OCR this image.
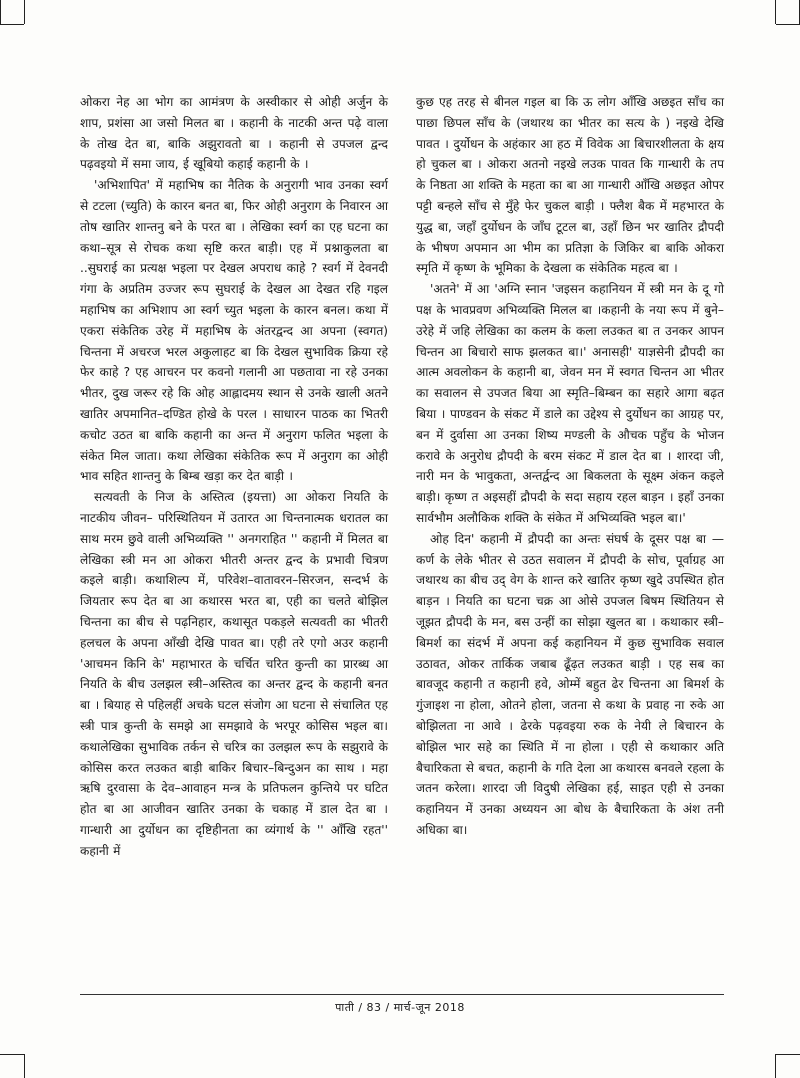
ओकरा नेह आ भोग का आमंत्रण के अस्वीकार से ओही अर्जुन के शाप, प्रशंसा आ जसो मिलत बा । कहानी के नाटकी अन्त पढ़े वाला के तोख देत बा, बाकि अझुरावतो बा । कहानी से उपजल द्वन्द पढ़वइयो में समा जाय, ई खूबियो कहाई कहानी के ।

'अभिशापित' में महाभिष का नैतिक के अनुरागी भाव उनका स्वर्ग से टटला (च्युति) के कारन बनत बा, फिर ओही अनुराग के निवारन आ तोष खातिर शान्तनु बने के परत बा । लेखिका स्वर्ग का एह घटना का कथा–सूत्र से रोचक कथा सृष्टि करत बाड़ी। एह में प्रश्नाकुलता बा ..सुघराई का प्रत्यक्ष भइला पर देखल अपराध काहे ? स्वर्ग में देवनदी गंगा के अप्रतिम उज्जर रूप सुघराई के देखल आ देखत रहि गइल महाभिष का अभिशाप आ स्वर्ग च्युत भइला के कारन बनल। कथा में एकरा संकेतिक उरेह में महाभिष के अंतरद्वन्द आ अपना (स्वगत) चिन्तना में अचरज भरल अकुलाहट बा कि देखल सुभाविक क्रिया रहे फेर काहे ? एह आचरन पर कवनो गलानी आ पछतावा ना रहे उनका भीतर, दुख जरूर रहे कि ओह आह्लादमय स्थान से उनके खाली अतने खातिर अपमानित–दण्डित होखे के परल । साधारन पाठक का भितरी कचोट उठत बा बाकि कहानी का अन्त में अनुराग फलित भइला के संकेत मिल जाता। कथा लेखिका संकेतिक रूप में अनुराग का ओही भाव सहित शान्तनु के बिम्ब खड़ा कर देत बाड़ी ।

सत्यवती के निज के अस्तित्व (इयत्ता) आ ओकरा नियति के नाटकीय जीवन– परिस्थितियन में उतारत आ चिन्तनात्मक धरातल का साथ मरम छुवे वाली अभिव्यक्ति '' अनगराहित '' कहानी में मिलत बा लेखिका स्त्री मन आ ओकरा भीतरी अन्तर द्वन्द के प्रभावी चित्रण कइले बाड़ी। कथाशिल्प में, परिवेश–वातावरन–सिरजन, सन्दर्भ के जियतार रूप देत बा आ कथारस भरत बा, एही का चलते बोझिल चिन्तना का बीच से पढ़निहार, कथासूत पकड़ले सत्यवती का भीतरी हलचल के अपना आँखी देखि पावत बा। एही तरे एगो अउर कहानी 'आचमन किनि के' महाभारत के चर्चित चरित कुन्ती का प्रारब्ध आ नियति के बीच उलझल स्त्री–अस्तित्व का अन्तर द्वन्द के कहानी बनत बा । बियाह से पहिलहीं अचके घटल संजोग आ घटना से संचालित एह स्त्री पात्र कुन्ती के समझे आ समझावे के भरपूर कोसिस भइल बा। कथालेखिका सुभाविक तर्कन से चरित्र का उलझल रूप के सझुरावे के कोसिस करत लउकत बाड़ी बाकिर बिचार–बिन्दुअन का साथ । महा ऋषि दुरवासा के देव–आवाहन मन्त्र के प्रतिफलन कुन्तिये पर घटित होत बा आ आजीवन खातिर उनका के चकाह में डाल देत बा । गान्धारी आ दुर्योधन का दृष्टिहीनता का व्यंगार्थ के '' आँखि रहत'' कहानी में

कुछ एह तरह से बीनल गइल बा कि ऊ लोग आँखि अछइत साँच का पाछा छिपल साँच के (जथारथ का भीतर का सत्य के ) नइखे देखि पावत । दुर्योधन के अहंकार आ हठ में विवेक आ बिचारशीलता के क्षय हो चुकल बा । ओकरा अतनो नइखे लउक पावत कि गान्धारी के तप के निष्ठता आ शक्ति के महता का बा आ गान्धारी आँखि अछइत ओपर पट्टी बन्हले साँच से मुँहे फेर चुकल बाड़ी । फ्लैश बैक में महभारत के युद्ध बा, जहाँ दुर्योधन के जाँघ टूटल बा, उहाँ छिन भर खातिर द्रौपदी के भीषण अपमान आ भीम का प्रतिज्ञा के जिकिर बा बाकि ओकरा स्मृति में कृष्ण के भूमिका के देखला क संकेतिक महत्व बा ।

'अतने' में आ 'अग्नि स्नान 'जइसन कहानियन में स्त्री मन के दू गो पक्ष के भावप्रवण अभिव्यक्ति मिलल बा ।कहानी के नया रूप में बुने–उरेहे में जहि लेखिका का कलम के कला लउकत बा त उनकर आपन चिन्तन आ बिचारो साफ झलकत बा।' अनासही' याज्ञसेनी द्रौपदी का आत्म अवलोकन के कहानी बा, जेवन मन में स्वगत चिन्तन आ भीतर का सवालन से उपजत बिया आ स्मृति–बिम्बन का सहारे आगा बढ़त बिया । पाण्डवन के संकट में डाले का उद्देश्य से दुर्योधन का आग्रह पर, बन में दुर्वासा आ उनका शिष्य मण्डली के औचक पहुँच के भोजन करावे के अनुरोध द्रौपदी के बरम संकट में डाल देत बा । शारदा जी, नारी मन के भावुकता, अन्तर्द्वन्द आ बिकलता के सूक्ष्म अंकन कइले बाड़ी। कृष्ण त अइसहीं द्रौपदी के सदा सहाय रहल बाड़न । इहाँ उनका सार्वभौम अलौकिक शक्ति के संकेत में अभिव्यक्ति भइल बा।'

ओह दिन' कहानी में द्रौपदी का अन्तः संघर्ष के दूसर पक्ष बा —कर्ण के लेके भीतर से उठत सवालन में द्रौपदी के सोच, पूर्वाग्रह आ जथारथ का बीच उद् वेग के शान्त करे खातिर कृष्ण खुदे उपस्थित होत बाड़न । नियति का घटना चक्र आ ओसे उपजल बिषम स्थितियन से जूझत द्रौपदी के मन, बस उन्हीं का सोझा खुलत बा । कथाकार स्त्री–बिमर्श का संदर्भ में अपना कई कहानियन में कुछ सुभाविक सवाल उठावत, ओकर तार्किक जबाब ढूँढ़त लउकत बाड़ी । एह सब का बावजूद कहानी त कहानी हवे, ओम्में बहुत ढेर चिन्तना आ बिमर्श के गुंजाइश ना होला, ओतने होला, जतना से कथा के प्रवाह ना रुके आ बोझिलता ना आवे । ढेरके पढ़वइया रुक के नेयी ले बिचारन के बोझिल भार सहे का स्थिति में ना होला । एही से कथाकार अति बैचारिकता से बचत, कहानी के गति देला आ कथारस बनवले रहला के जतन करेला। शारदा जी विदुषी लेखिका हई, साइत एही से उनका कहानियन में उनका अध्ययन आ बोध के बैचारिकता के अंश तनी अधिका बा।

पाती / 83 / मार्च-जून 2018
